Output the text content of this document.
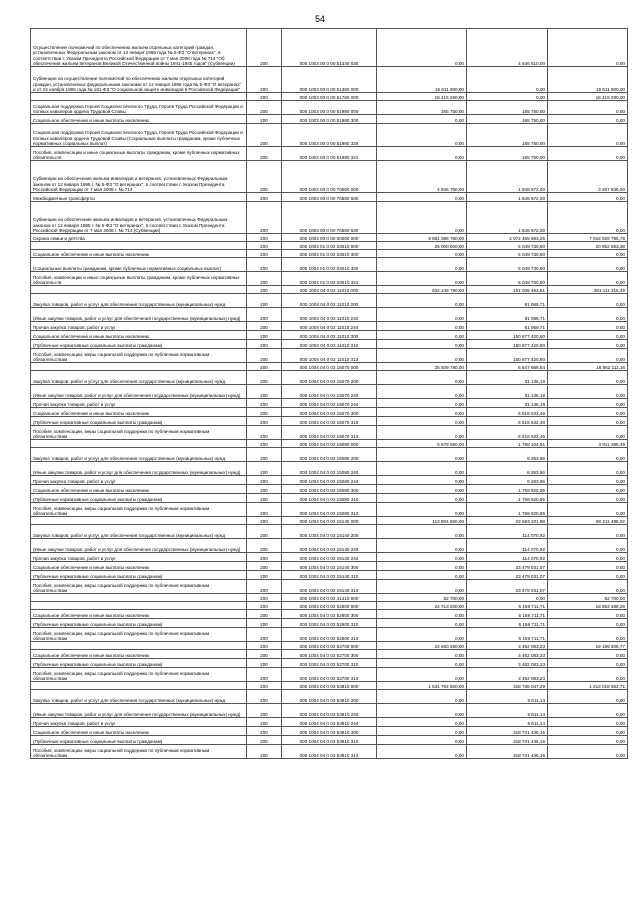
54
Осуществление полномочий по обеспечению жильем отдельных категорий граждан, установленных Федеральным законом от 12 января 1995 года № 5-ФЗ "О ветеранах", в соответствии с Указом Президента Российской Федерации от 7 мая 2008 года № 714 "Об обеспечении жильем ветеранов Великой Отечественной войны 1941-1945 годов" (Субвенции)	200	000 1003 00 0 00 51340 530	0,00	4 646 510,00	0,00
Субвенции на осуществление полномочий по обеспечению жильем отдельных категорий граждан, установленных федеральными законами от 12 января 1995 года № 5-ФЗ "О ветеранах" и от 24 ноября 1995 года № 181-ФЗ "О социальной защите инвалидов в Российской Федерации"	200	000 1003 00 0 00 51350 000	15 611 900,00	0,00	15 611 900,00
	200	000 1003 00 0 00 51760 000	18 415 290,00	0,00	18 415 290,00
Социальная поддержка Героев Социалистического Труда, Героев Труда Российской Федерации и полных кавалеров ордена Трудовой Славы	200	000 1003 00 0 00 51980 000	165 750,00	165 750,00	0,00
Социальное обеспечение и иные выплаты населению	200	000 1003 00 0 00 51980 300	0,00	165 750,00	0,00
Социальная поддержка Героев Социалистического Труда, Героев Труда Российской Федерации и полных кавалеров ордена Трудовой Славы (Социальные выплаты гражданам, кроме публичных нормативных социальных выплат)	200	000 1003 00 0 00 51980 320	0,00	165 750,00	0,00
Пособия, компенсации и иные социальные выплаты гражданам, кроме публичных нормативных обязательств	200	000 1003 00 0 00 51980 321	0,00	165 750,00	0,00
Субвенции на обеспечение жильем инвалидов и ветеранов, установленных Федеральным законом от 12 января 1995 г. № 5-ФЗ "О ветеранах", в соответствии с Указом Президента Российской Федерации от 7 мая 2008 г. № 714	200	000 1003 00 0 00 70560 000	4 846 760,00	1 848 672,00	3 257 838,00
Межбюджетные трансферты	200	000 1003 00 0 00 70560 500	0,00	1 848 672,00	0,00
Субвенции на обеспечение жильем инвалидов и ветеранов, установленных Федеральным законом от 12 января 1995 г. № 5-ФЗ "О ветеранах", в соответствии с Указом Президента Российской Федерации от 7 мая 2008 г. № 714 (Субвенции)	200	000 1003 00 0 00 70560 530	0,00	1 848 672,00	0,00
Охрана семьи и детства	200	000 1004 00 0 00 00000 000	9 681 386 780,00	2 072 455 683,25	7 618 929 796,75
	200	000 1004 01 0 02 03010 000	25 000 000,00	5 049 730,60	20 952 593,38
Социальное обеспечение и иные выплаты населению	200	000 1004 01 0 02 03010 300	0,00	5 049 730,60	0,00
(Социальные выплаты гражданам, кроме публичных нормативных социальных выплат)	200	000 1004 01 0 02 03010 320	0,00	5 049 730,60	0,00
Пособия, компенсации и иные социальные выплаты гражданам, кроме публичных нормативных обязательств	200	000 1004 01 0 02 03010 321	0,00	5 049 730,60	0,00
	200	000 1004 04 0 02 11010 000	632 149 790,00	151 038 483,51	481 111 316,49
Закупка товаров, работ и услуг для обеспечения государственных (муниципальных) нужд	200	000 1004 04 0 02 11010 200	0,00	81 069,71	0,00
(Иные закупки товаров, работ и услуг для обеспечения государственных (муниципальных) нужд)	200	000 1004 04 0 02 11010 240	0,00	81 069,71	0,00
Прочая закупка товаров, работ и услуг	200	000 1004 04 0 02 11010 244	0,00	81 069,71	0,00
Социальное обеспечение и иные выплаты населению	200	000 1004 04 0 02 11010 300	0,00	150 877 420,80	0,00
(Публичные нормативные социальные выплаты гражданам)	200	000 1004 04 0 02 11010 310	0,00	150 877 420,80	0,00
Пособия, компенсации, меры социальной поддержки по публичным нормативным обязательствам	200	000 1004 04 0 02 11010 313	0,00	150 877 420,80	0,00
	200	000 1004 04 0 02 15070 000	25 509 780,00	6 647 668,84	18 862 111,16
Закупка товаров, работ и услуг для обеспечения государственных (муниципальных) нужд	200	000 1004 04 0 02 15070 200	0,00	31 136,18	0,00
(Иные закупки товаров, работ и услуг для обеспечения государственных (муниципальных) нужд)	200	000 1004 04 0 02 15070 240	0,00	31 136,18	0,00
Прочая закупка товаров, работ и услуг	200	000 1004 04 0 02 15070 244	0,00	31 136,18	0,00
Социальное обеспечение и иные выплаты населению	200	000 1004 04 0 02 15070 300	0,00	6 616 532,46	0,00
(Публичные нормативные социальные выплаты гражданам)	200	000 1004 04 0 02 15070 310	0,00	6 616 532,46	0,00
Пособия, компенсации, меры социальной поддержки по публичным нормативным обязательствам	200	000 1004 04 0 02 15070 313	0,00	6 616 532,46	0,00
	200	000 1004 04 0 02 15080 000	5 679 580,00	1 768 104,51	3 911 385,49
Закупка товаров, работ и услуг для обеспечения государственных (муниципальных) нужд	200	000 1004 04 0 02 15080 200	0,00	8 263,66	0,00
(Иные закупки товаров, работ и услуг для обеспечения государственных (муниципальных) нужд)	200	000 1004 04 0 02 15080 240	0,00	8 263,66	0,00
Прочая закупка товаров, работ и услуг	200	000 1004 04 0 02 15080 244	0,00	8 263,66	0,00
Социальное обеспечение и иные выплаты населению	200	000 1004 04 0 02 15080 300	0,00	1 759 820,85	0,00
(Публичные нормативные социальные выплаты гражданам)	200	000 1004 04 0 02 15080 310	0,00	1 759 820,85	0,00
Пособия, компенсации, меры социальной поддержки по публичным нормативным обязательствам	200	000 1004 04 0 02 15080 313	0,00	1 759 820,85	0,00
	200	000 1004 04 0 02 15140 000	113 804 600,00	23 593 101,98	90 211 498,02
Закупка товаров, работ и услуг для обеспечения государственных (муниципальных) нужд	200	000 1004 04 0 02 15140 200	0,00	114 070,92	0,00
(Иные закупки товаров, работ и услуг для обеспечения государственных (муниципальных) нужд)	200	000 1004 04 0 02 15140 240	0,00	114 070,92	0,00
Прочая закупка товаров, работ и услуг	200	000 1004 04 0 02 15140 244	0,00	114 070,92	0,00
Социальное обеспечение и иные выплаты населению	200	000 1004 04 0 02 15140 300	0,00	23 479 031,07	0,00
(Публичные нормативные социальные выплаты гражданам)	200	000 1004 04 0 02 15140 310	0,00	23 479 031,07	0,00
Пособия, компенсации, меры социальной поддержки по публичным нормативным обязательствам	200	000 1004 04 0 02 15140 313	0,00	23 479 031,07	0,00
	200	000 1004 04 0 02 41410 000	52 700,00	0,00	52 700,00
	200	000 1004 04 0 02 52600 000	24 713 200,00	6 159 711,71	18 553 488,29
Социальное обеспечение и иные выплаты населению	200	000 1004 04 0 02 52600 300	0,00	6 159 711,71	0,00
(Публичные нормативные социальные выплаты гражданам)	200	000 1004 04 0 02 52600 310	0,00	6 159 711,71	0,00
Пособия, компенсации, меры социальной поддержки по публичным нормативным обязательствам	200	000 1004 04 0 02 52600 313	0,00	6 159 711,71	0,00
	200	000 1004 04 0 02 52700 000	22 660 390,00	3 482 083,23	19 198 306,77
Социальное обеспечение и иные выплаты населению	200	000 1004 04 0 02 52700 300	0,00	3 482 083,23	0,00
(Публичные нормативные социальные выплаты гражданам)	200	000 1004 04 0 02 52700 310	0,00	3 482 083,23	0,00
Пособия, компенсации, меры социальной поддержки по публичным нормативным обязательствам	200	000 1004 04 0 02 52700 313	0,00	3 482 083,23	0,00
	200	000 1004 04 0 03 53810 000	1 531 754 600,00	318 736 047,29	1 213 018 552,71
Закупка товаров, работ и услуг для обеспечения государственных (муниципальных) нужд	200	000 1004 04 0 03 53810 200	0,00	5 611,14	0,00
(Иные закупки товаров, работ и услуг для обеспечения государственных (муниципальных) нужд)	200	000 1004 04 0 03 53810 240	0,00	5 611,14	0,00
Прочая закупка товаров, работ и услуг	200	000 1004 04 0 03 53810 244	0,00	5 611,14	0,00
Социальное обеспечение и иные выплаты населению	200	000 1004 04 0 03 53810 300	0,00	318 731 436,15	0,00
(Публичные нормативные социальные выплаты гражданам)	200	000 1004 04 0 03 53810 310	0,00	318 731 436,15	0,00
Пособия, компенсации, меры социальной поддержки по публичным нормативным обязательствам	200	000 1004 04 0 03 53810 313	0,00	318 731 436,15	0,00
